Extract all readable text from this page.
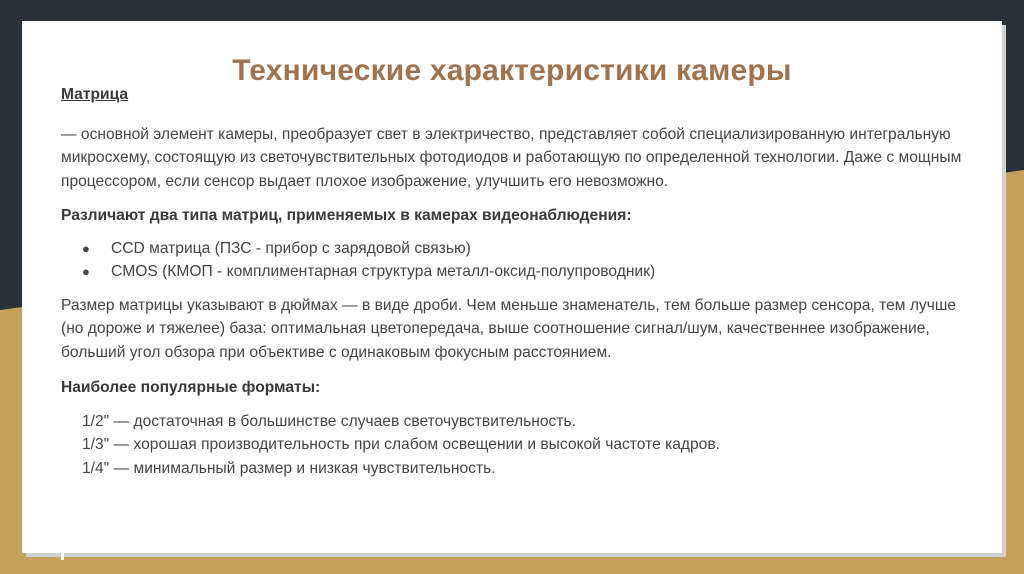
Технические характеристики камеры
Матрица

— основной элемент камеры, преобразует свет в электричество, представляет собой специализированную интегральную микросхему, состоящую из светочувствительных фотодиодов и работающую по определенной технологии. Даже с мощным процессором, если сенсор выдает плохое изображение, улучшить его невозможно.

Различают два типа матриц, применяемых в камерах видеонаблюдения:
● CCD матрица (ПЗС - прибор с зарядовой связью)
● CMOS (КМОП - комплиментарная структура металл-оксид-полупроводник)

Размер матрицы указывают в дюймах — в виде дроби. Чем меньше знаменатель, тем больше размер сенсора, тем лучше (но дороже и тяжелее) база: оптимальная цветопередача, выше соотношение сигнал/шум, качественнее изображение, больший угол обзора при объективе с одинаковым фокусным расстоянием.

Наиболее популярные форматы:
1/2" — достаточная в большинстве случаев светочувствительность.
1/3" — хорошая производительность при слабом освещении и высокой частоте кадров.
1/4" — минимальный размер и низкая чувствительность.
